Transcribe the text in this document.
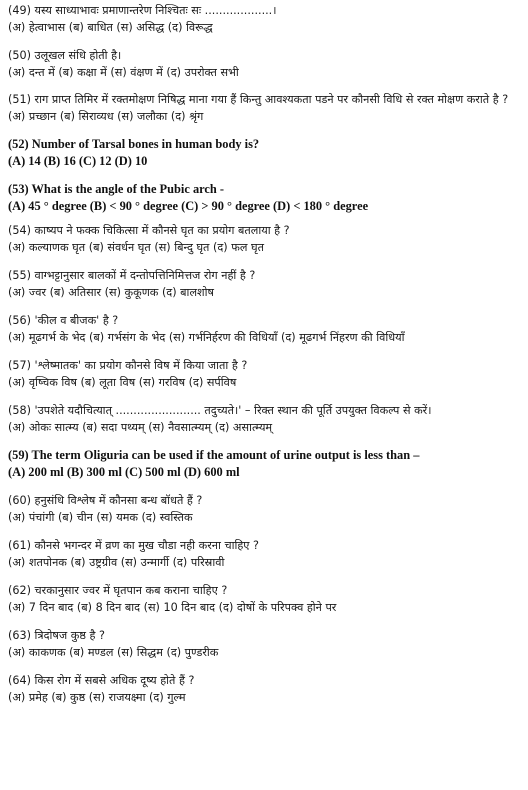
(49) यस्य साध्याभावः प्रमाणान्तरेण निश्चितः सः ...................।
(अ) हेत्वाभास (ब) बाधित (स) असिद्ध (द) विरूद्ध
(50) उलूखल संधि होती है।
(अ) दन्त में (ब) कक्षा में (स) वंक्षण में (द) उपरोक्त सभी
(51) राग प्राप्त तिमिर में रक्तमोक्षण निषिद्ध माना गया हैं किन्तु आवश्यकता पडने पर कौनसी विधि से रक्त मोक्षण कराते है ?
(अ) प्रच्छान (ब) सिराव्यध (स) जलौका (द) श्रृंग
(52) Number of Tarsal bones in human body is?
(A) 14 (B) 16 (C) 12 (D) 10
(53) What is the angle of the Pubic arch -
(A) 45 ° degree (B) < 90 ° degree (C) > 90 ° degree (D) < 180 ° degree
(54) काष्यप ने फक्क चिकित्सा में कौनसे घृत का प्रयोग बतलाया है ?
(अ) कल्याणक घृत (ब) संवर्धन घृत (स) बिन्दु घृत (द) फल घृत
(55) वाग्भट्टानुसार बालकों में दन्तोपत्तिनिमित्तज रोग नहीं है ?
(अ) ज्वर (ब) अतिसार (स) कुकूणक (द) बालशोष
(56) 'कील व बीजक' है ?
(अ) मूढगर्भ के भेद (ब) गर्भसंग के भेद (स) गर्भनिर्हरण की विधियाँ (द) मूढगर्भ निंहरण की विधियाँ
(57) 'श्लेष्मातक' का प्रयोग कौनसे विष में किया जाता है ?
(अ) वृष्चिक विष (ब) लूता विष (स) गरविष (द) सर्पविष
(58) 'उपशेते यदौचित्यात् ........................ तदुच्यते।' – रिक्त स्थान की पूर्ति उपयुक्त विकल्प से करें।
(अ) ओकः सात्म्य (ब) सदा पथ्यम् (स) नैवसात्म्यम् (द) असात्म्यम्
(59) The term Oliguria can be used if the amount of urine output is less than –
(A) 200 ml (B) 300 ml (C) 500 ml (D) 600 ml
(60) हनुसंधि विश्लेष में कौनसा बन्ध बॉधते हैं ?
(अ) पंचांगी (ब) चीन (स) यमक (द) स्वस्तिक
(61) कौनसे भगन्दर में व्रण का मुख चौडा नही करना चाहिए ?
(अ) शतपोनक (ब) उष्ट्रग्रीव (स) उन्मार्गी (द) परिस्रावी
(62) चरकानुसार ज्वर में घृतपान कब कराना चाहिए ?
(अ) 7 दिन बाद (ब) 8 दिन बाद (स) 10 दिन बाद (द) दोषों के परिपक्व होने पर
(63) त्रिदोषज कुष्ठ है ?
(अ) काकणक (ब) मण्डल (स) सिद्धम (द) पुण्डरीक
(64) किस रोग में सबसे अधिक दूष्य होते हैं ?
(अ) प्रमेह (ब) कुष्ठ (स) राजयक्ष्मा (द) गुल्म
